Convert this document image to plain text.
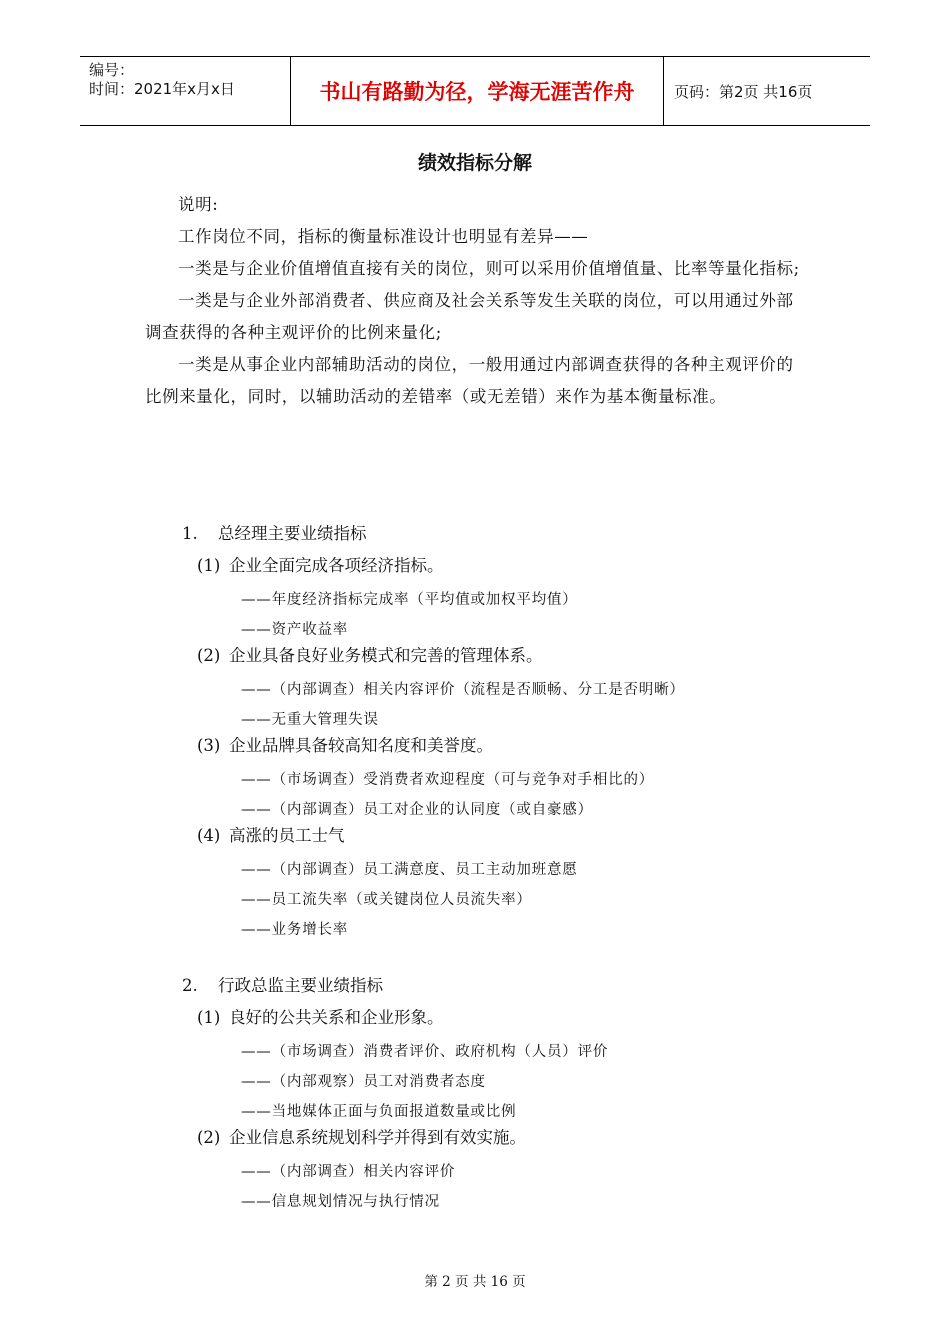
编号：
时间：2021年x月x日	书山有路勤为径，学海无涯苦作舟	页码：第2页 共16页
绩效指标分解

说明:

工作岗位不同，指标的衡量标准设计也明显有差异——

一类是与企业价值增值直接有关的岗位，则可以采用价值增值量、比率等量化指标;

一类是与企业外部消费者、供应商及社会关系等发生关联的岗位，可以用通过外部调查获得的各种主观评价的比例来量化;

一类是从事企业内部辅助活动的岗位，一般用通过内部调查获得的各种主观评价的比例来量化，同时，以辅助活动的差错率（或无差错）来作为基本衡量标准。

1. 总经理主要业绩指标
(1) 企业全面完成各项经济指标。
——年度经济指标完成率（平均值或加权平均值）
——资产收益率
(2) 企业具备良好业务模式和完善的管理体系。
——（内部调查）相关内容评价（流程是否顺畅、分工是否明晰）
——无重大管理失误
(3) 企业品牌具备较高知名度和美誉度。
——（市场调查）受消费者欢迎程度（可与竞争对手相比的）
——（内部调查）员工对企业的认同度（或自豪感）
(4) 高涨的员工士气
——（内部调查）员工满意度、员工主动加班意愿
——员工流失率（或关键岗位人员流失率）
——业务增长率
2. 行政总监主要业绩指标
(1) 良好的公共关系和企业形象。
——（市场调查）消费者评价、政府机构（人员）评价
——（内部观察）员工对消费者态度
——当地媒体正面与负面报道数量或比例
(2) 企业信息系统规划科学并得到有效实施。
——（内部调查）相关内容评价
——信息规划情况与执行情况
第 2 页 共 16 页
